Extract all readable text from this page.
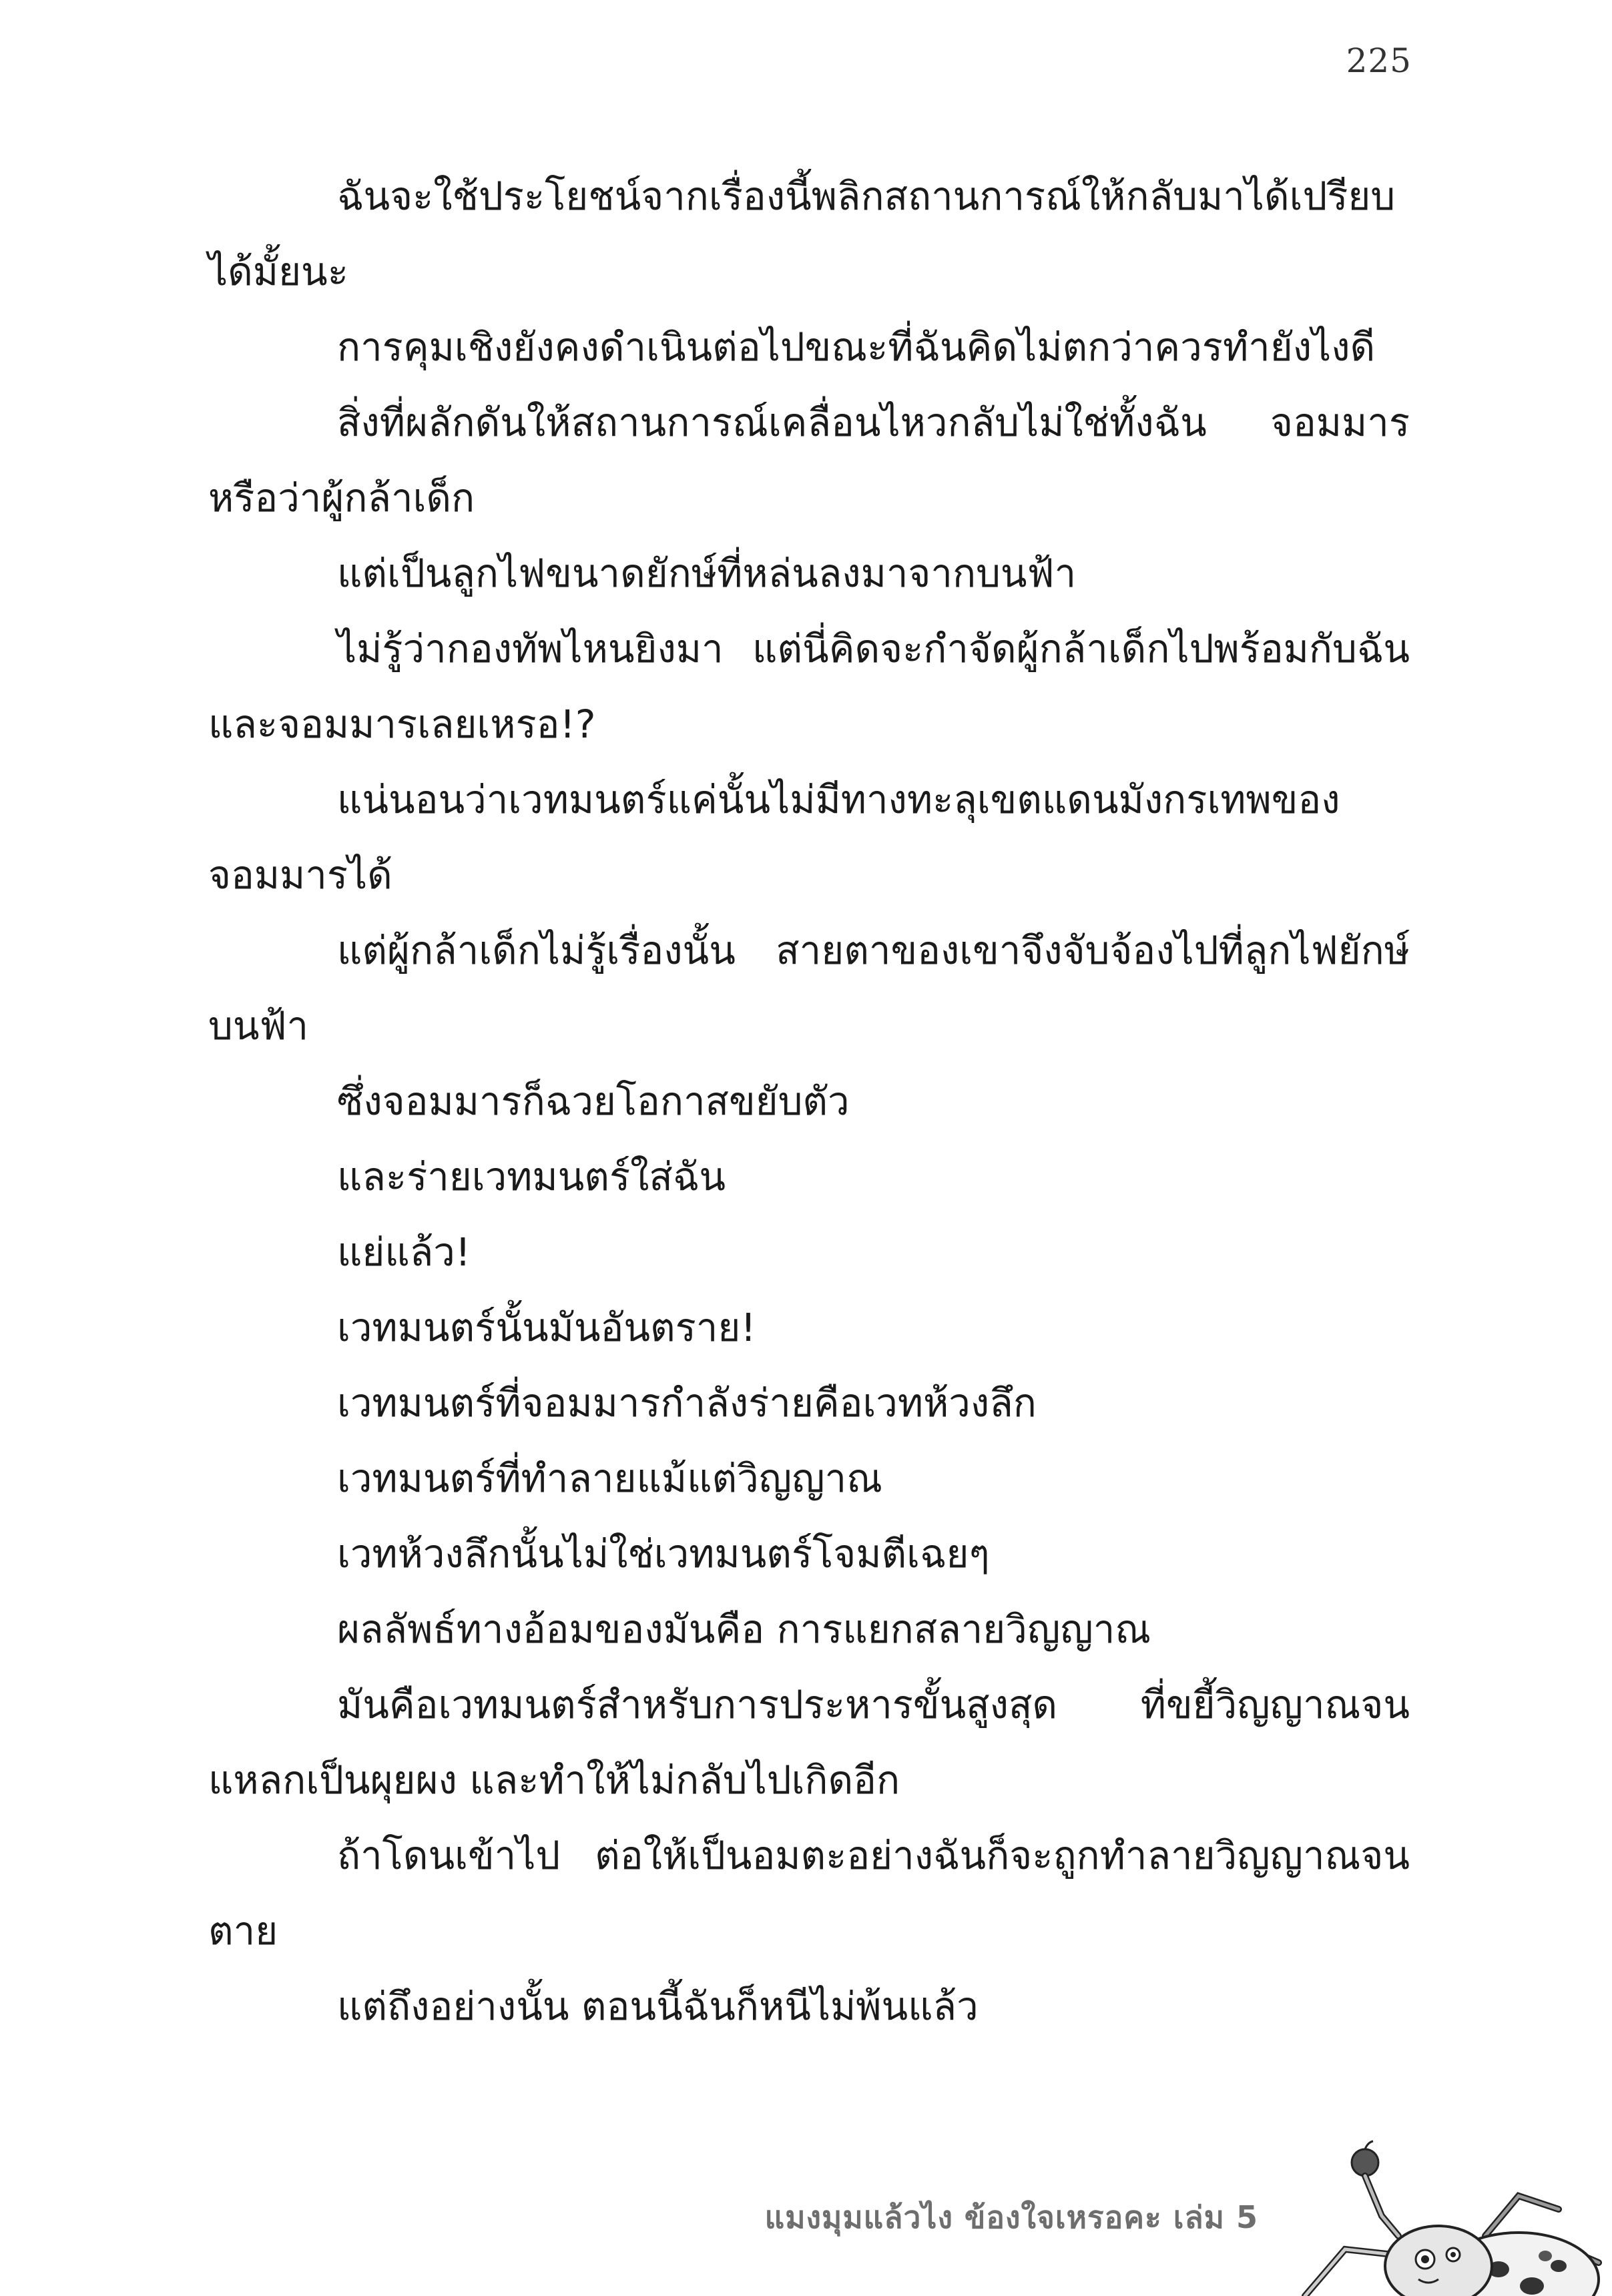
225

ฉันจะใช้ประโยชน์จากเรื่องนี้พลิกสถานการณ์ให้กลับมาได้เปรียบได้มั้ยนะ

การคุมเชิงยังคงดำเนินต่อไปขณะที่ฉันคิดไม่ตกว่าควรทำยังไงดี

สิ่งที่ผลักดันให้สถานการณ์เคลื่อนไหวกลับไม่ใช่ทั้งฉัน จอมมาร หรือว่าผู้กล้าเด็ก

แต่เป็นลูกไฟขนาดยักษ์ที่หล่นลงมาจากบนฟ้า

ไม่รู้ว่ากองทัพไหนยิงมา แต่นี่คิดจะกำจัดผู้กล้าเด็กไปพร้อมกับฉันและจอมมารเลยเหรอ!?

แน่นอนว่าเวทมนตร์แค่นั้นไม่มีทางทะลุเขตแดนมังกรเทพของจอมมารได้

แต่ผู้กล้าเด็กไม่รู้เรื่องนั้น สายตาของเขาจึงจับจ้องไปที่ลูกไฟยักษ์บนฟ้า

ซึ่งจอมมารก็ฉวยโอกาสขยับตัว

และร่ายเวทมนตร์ใส่ฉัน

แย่แล้ว!

เวทมนตร์นั้นมันอันตราย!

เวทมนตร์ที่จอมมารกำลังร่ายคือเวทห้วงลึก

เวทมนตร์ที่ทำลายแม้แต่วิญญาณ

เวทห้วงลึกนั้นไม่ใช่เวทมนตร์โจมตีเฉยๆ

ผลลัพธ์ทางอ้อมของมันคือ การแยกสลายวิญญาณ

มันคือเวทมนตร์สำหรับการประหารขั้นสูงสุด ที่ขยี้วิญญาณจนแหลกเป็นผุยผง และทำให้ไม่กลับไปเกิดอีก

ถ้าโดนเข้าไป ต่อให้เป็นอมตะอย่างฉันก็จะถูกทำลายวิญญาณจนตาย

แต่ถึงอย่างนั้น ตอนนี้ฉันก็หนีไม่พ้นแล้ว

แมงมุมแล้วไง ข้องใจเหรอคะ เล่ม 5
